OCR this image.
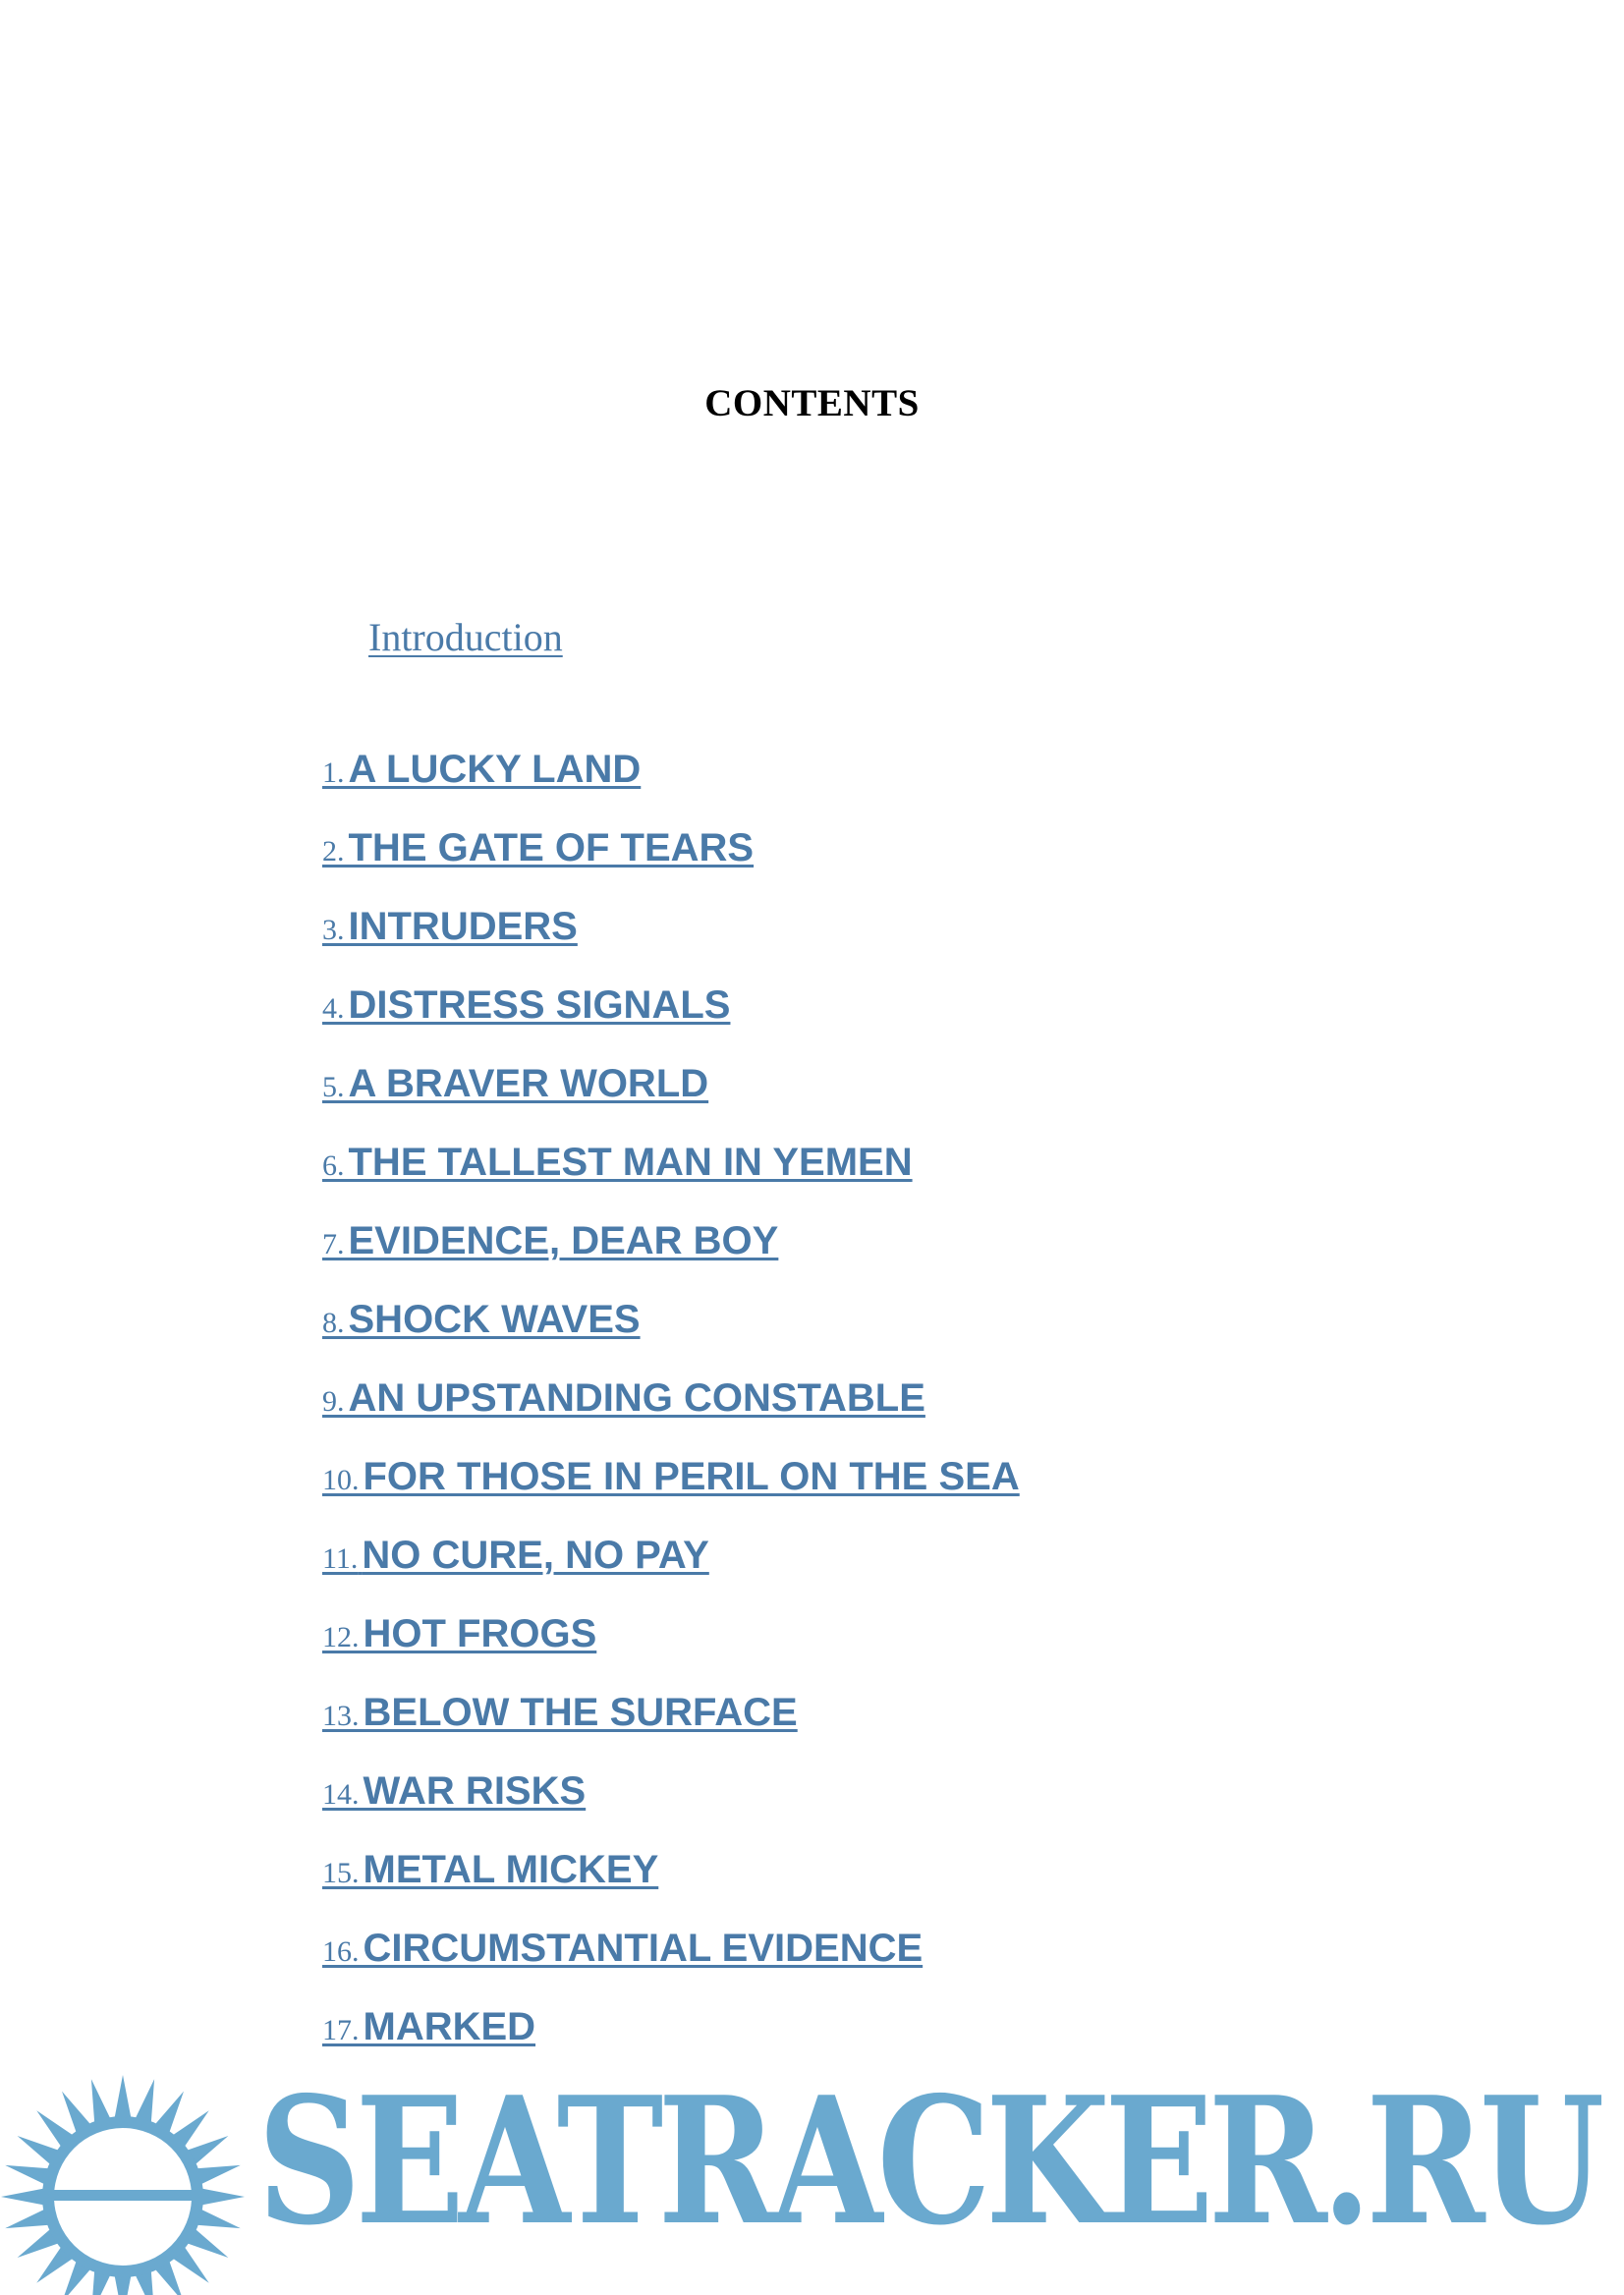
CONTENTS
Introduction
1. A LUCKY LAND
2. THE GATE OF TEARS
3. INTRUDERS
4. DISTRESS SIGNALS
5. A BRAVER WORLD
6. THE TALLEST MAN IN YEMEN
7. EVIDENCE, DEAR BOY
8. SHOCK WAVES
9. AN UPSTANDING CONSTABLE
10. FOR THOSE IN PERIL ON THE SEA
11. NO CURE, NO PAY
12. HOT FROGS
13. BELOW THE SURFACE
14. WAR RISKS
15. METAL MICKEY
16. CIRCUMSTANTIAL EVIDENCE
17. MARKED
SEATRACKER.RU
